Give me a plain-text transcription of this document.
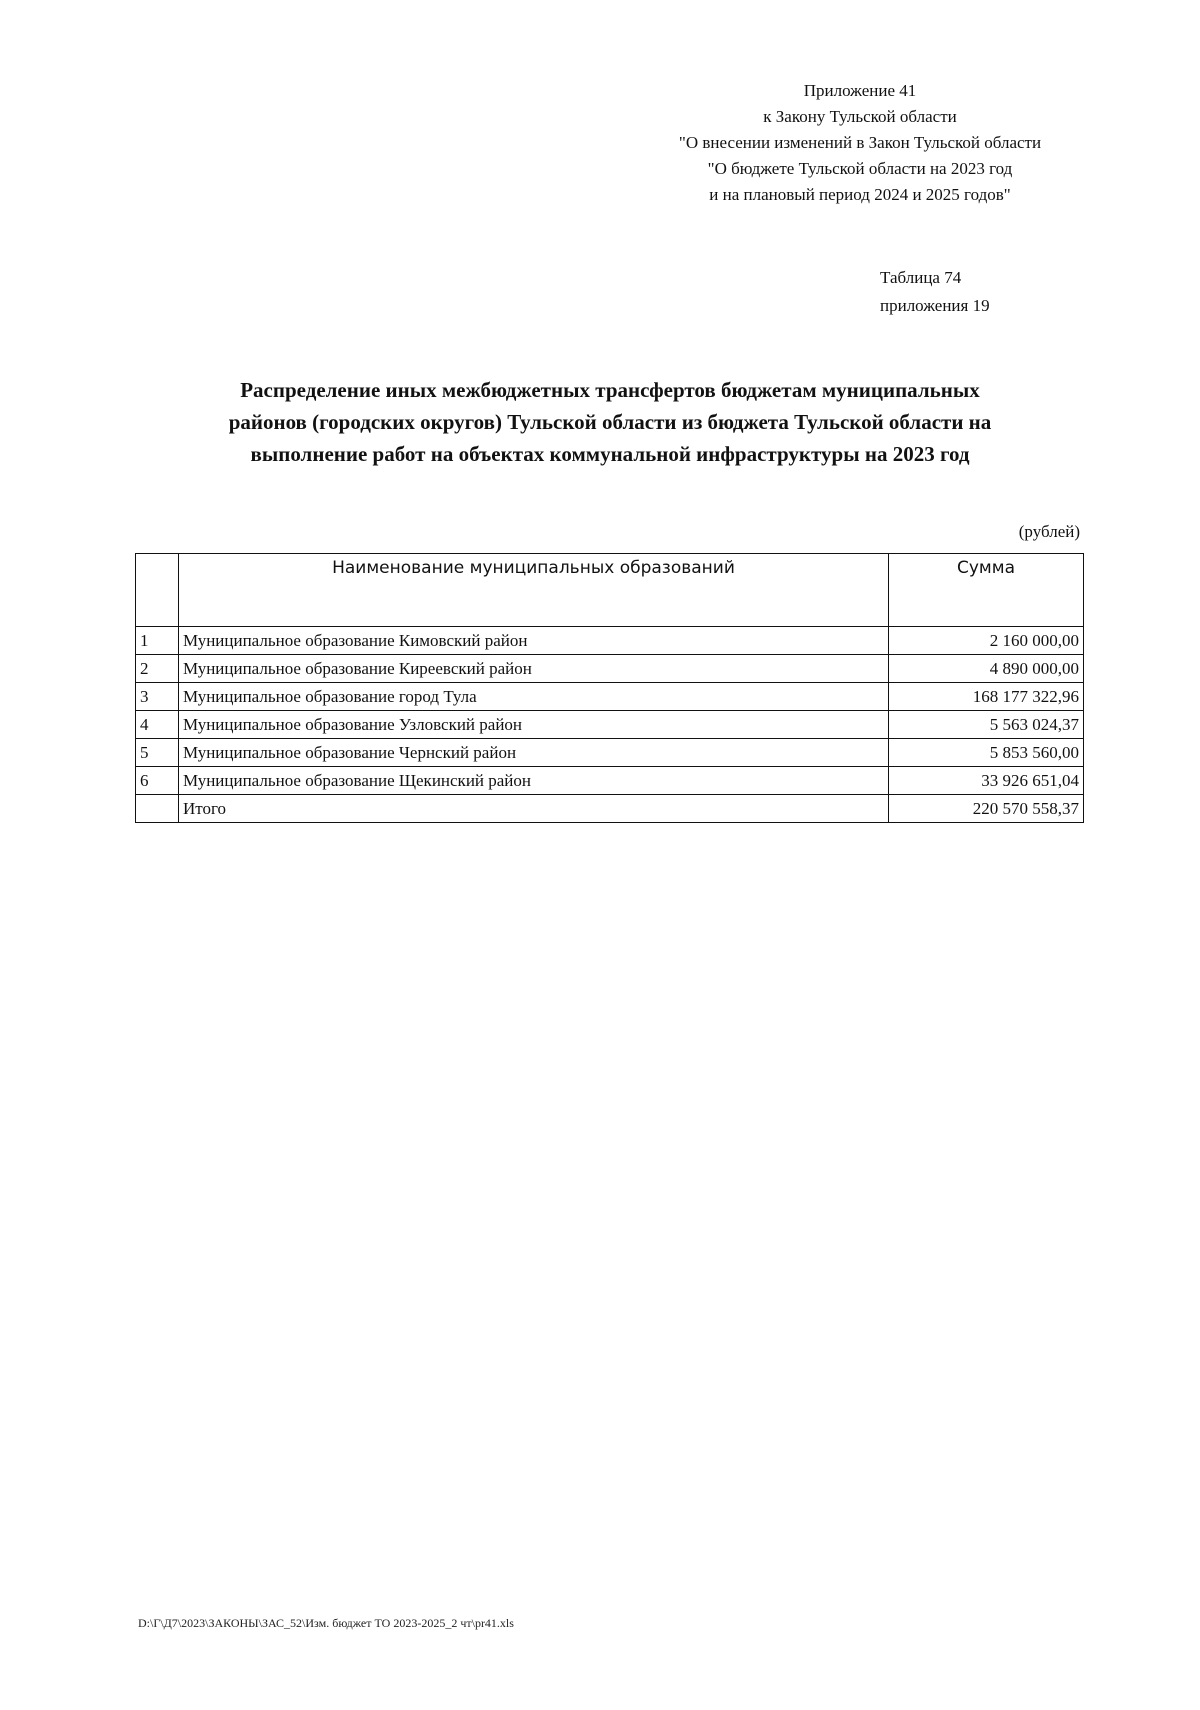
Приложение 41
к Закону Тульской области
"О внесении изменений в Закон Тульской области
"О бюджете Тульской области на 2023 год
и на плановый период 2024 и 2025 годов"
Таблица 74
приложения 19
Распределение иных межбюджетных трансфертов бюджетам муниципальных
районов (городских округов) Тульской области из бюджета Тульской области на
выполнение работ на объектах коммунальной инфраструктуры на 2023 год
(рублей)
	Наименование муниципальных образований	Сумма
1	Муниципальное образование Кимовский район	2 160 000,00
2	Муниципальное образование Киреевский район	4 890 000,00
3	Муниципальное образование город Тула	168 177 322,96
4	Муниципальное образование Узловский район	5 563 024,37
5	Муниципальное образование Чернский район	5 853 560,00
6	Муниципальное образование Щекинский район	33 926 651,04
	Итого	220 570 558,37
D:\Г\Д7\2023\ЗАКОНЫ\ЗАС_52\Изм. бюджет ТО 2023-2025_2 чт\pr41.xls
